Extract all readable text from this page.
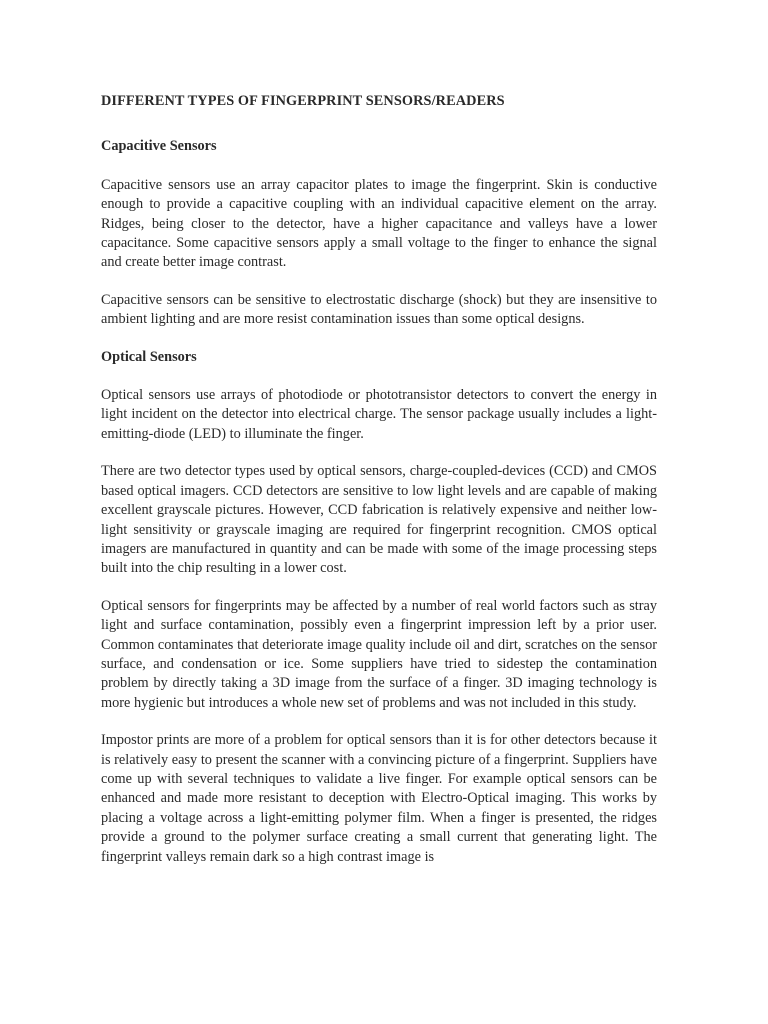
DIFFERENT TYPES OF FINGERPRINT SENSORS/READERS
Capacitive Sensors

Capacitive sensors use an array capacitor plates to image the fingerprint. Skin is conductive enough to provide a capacitive coupling with an individual capacitive element on the array. Ridges, being closer to the detector, have a higher capacitance and valleys have a lower capacitance. Some capacitive sensors apply a small voltage to the finger to enhance the signal and create better image contrast.

Capacitive sensors can be sensitive to electrostatic discharge (shock) but they are insensitive to ambient lighting and are more resist contamination issues than some optical designs.

Optical Sensors

Optical sensors use arrays of photodiode or phototransistor detectors to convert the energy in light incident on the detector into electrical charge. The sensor package usually includes a light-emitting-diode (LED) to illuminate the finger.

There are two detector types used by optical sensors, charge-coupled-devices (CCD) and CMOS based optical imagers. CCD detectors are sensitive to low light levels and are capable of making excellent grayscale pictures. However, CCD fabrication is relatively expensive and neither low-light sensitivity or grayscale imaging are required for fingerprint recognition. CMOS optical imagers are manufactured in quantity and can be made with some of the image processing steps built into the chip resulting in a lower cost.

Optical sensors for fingerprints may be affected by a number of real world factors such as stray light and surface contamination, possibly even a fingerprint impression left by a prior user. Common contaminates that deteriorate image quality include oil and dirt, scratches on the sensor surface, and condensation or ice. Some suppliers have tried to sidestep the contamination problem by directly taking a 3D image from the surface of a finger. 3D imaging technology is more hygienic but introduces a whole new set of problems and was not included in this study.

Impostor prints are more of a problem for optical sensors than it is for other detectors because it is relatively easy to present the scanner with a convincing picture of a fingerprint. Suppliers have come up with several techniques to validate a live finger. For example optical sensors can be enhanced and made more resistant to deception with Electro-Optical imaging. This works by placing a voltage across a light-emitting polymer film. When a finger is presented, the ridges provide a ground to the polymer surface creating a small current that generating light. The fingerprint valleys remain dark so a high contrast image is
